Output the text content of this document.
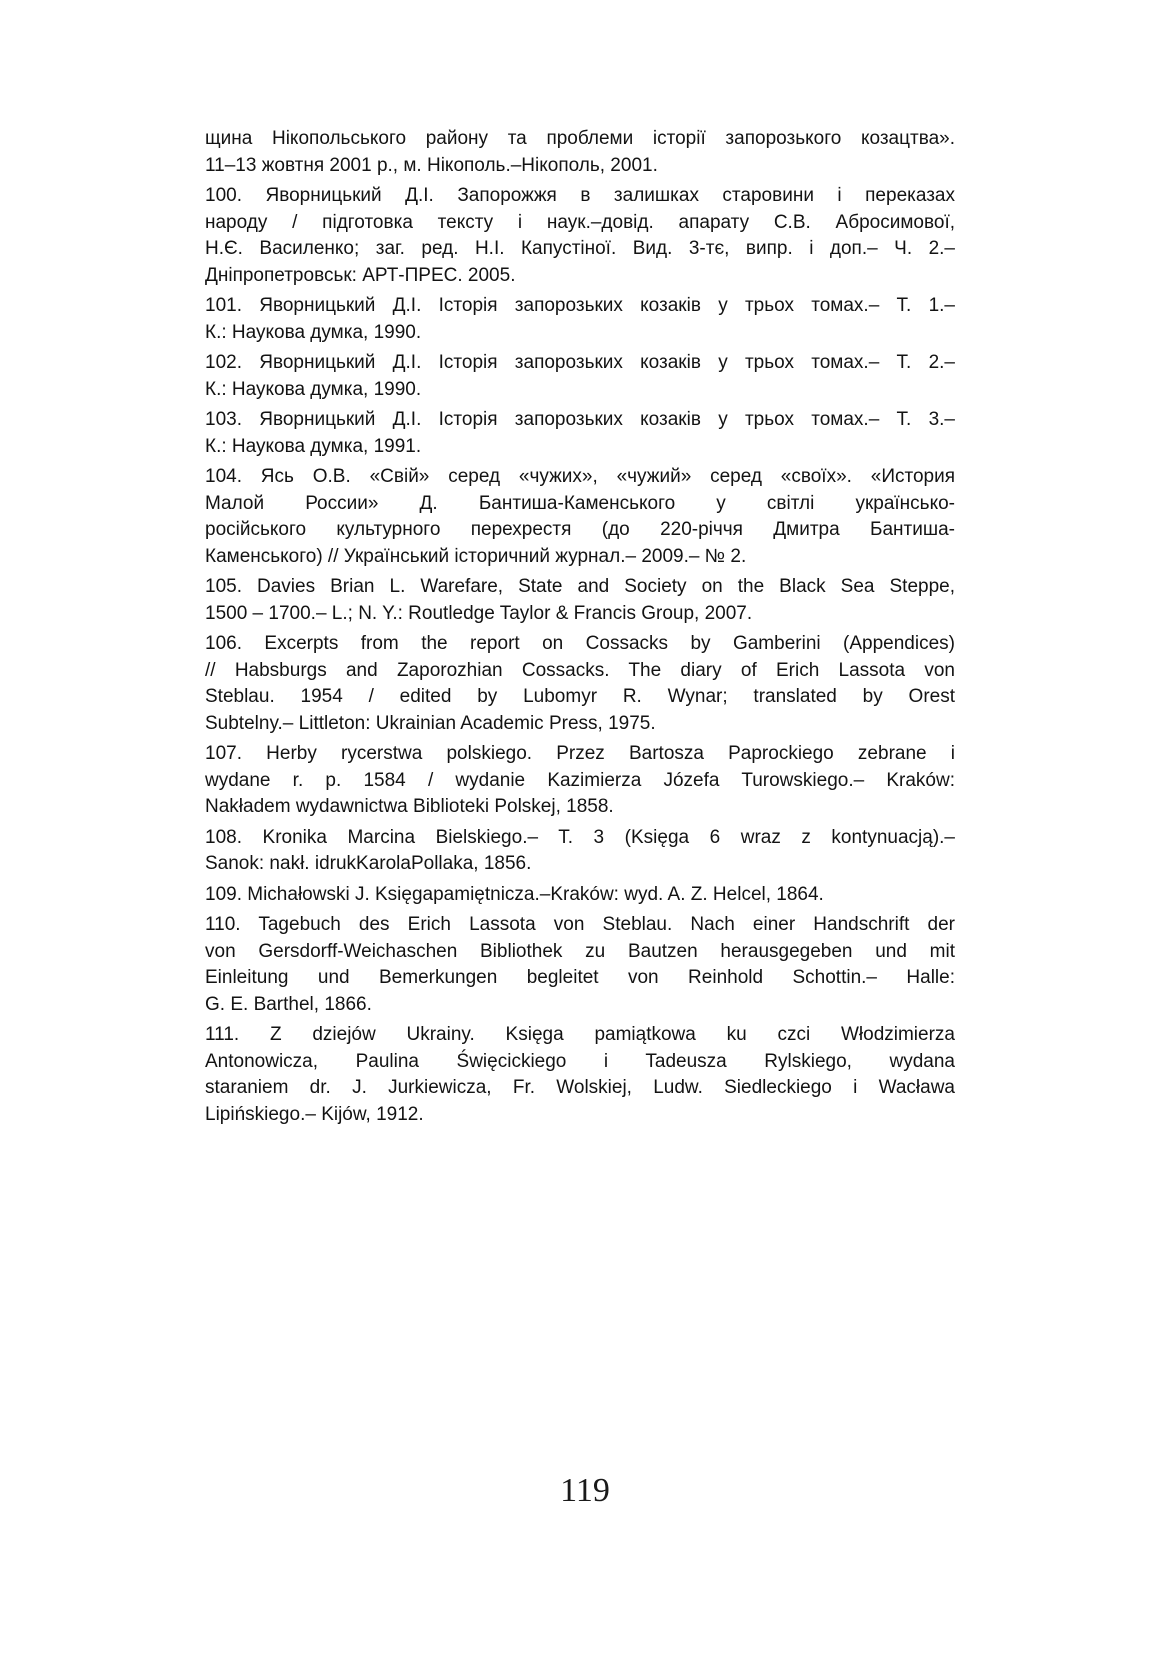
щина Нікопольського району та проблеми історії запорозького козацтва».
11–13 жовтня 2001 р., м. Нікополь.–Нікополь, 2001.
100. Яворницький Д.І. Запорожжя в залишках старовини і переказах
народу / підготовка тексту і наук.–довід. апарату С.В. Абросимової,
Н.Є. Василенко; заг. ред. Н.І. Капустіної. Вид. 3-тє, випр. і доп.– Ч. 2.–
Дніпропетровськ: АРТ-ПРЕС. 2005.
101. Яворницький Д.І. Історія запорозьких козаків у трьох томах.– Т. 1.–
К.: Наукова думка, 1990.
102. Яворницький Д.І. Історія запорозьких козаків у трьох томах.– Т. 2.–
К.: Наукова думка, 1990.
103. Яворницький Д.І. Історія запорозьких козаків у трьох томах.– Т. 3.–
К.: Наукова думка, 1991.
104. Ясь О.В. «Свій» серед «чужих», «чужий» серед «своїх». «История
Малой России» Д. Бантиша-Каменського у світлі українсько-
російського культурного перехрестя (до 220-річчя Дмитра Бантиша-
Каменського) // Український історичний журнал.– 2009.– № 2.
105. Davies Brian L. Warefare, State and Society on the Black Sea Steppe,
1500 – 1700.– L.; N. Y.: Routledge Taylor & Francis Group, 2007.
106. Excerpts from the report on Cossacks by Gamberini (Appendices)
// Habsburgs and Zaporozhian Cossacks. The diary of Erich Lassota von
Steblau. 1954 / edited by Lubomyr R. Wynar; translated by Orest
Subtelny.– Littleton: Ukrainian Academic Press, 1975.
107. Herby rycerstwa polskiego. Przez Bartosza Paprockiego zebrane i
wydane r. p. 1584 / wydanie Kazimierza Józefa Turowskiego.– Kraków:
Nakładem wydawnictwa Biblioteki Polskej, 1858.
108. Kronika Marcina Bielskiego.– T. 3 (Księga 6 wraz z kontynuacją).–
Sanok: nakł. idrukKarolaPollaka, 1856.
109. Michałowski J. Księgapamiętnicza.–Kraków: wyd. A. Z. Helcel, 1864.
110. Tagebuch des Erich Lassota von Steblau. Nach einer Handschrift der
von Gersdorff-Weichaschen Bibliothek zu Bautzen herausgegeben und mit
Einleitung und Bemerkungen begleitet von Reinhold Schottin.– Halle:
G. E. Barthel, 1866.
111. Z dziejów Ukrainy. Księga pamiątkowa ku czci Włodzimierza
Antonowicza, Paulina Święcickiego i Tadeusza Rylskiego, wydana
staraniem dr. J. Jurkiewicza, Fr. Wolskiej, Ludw. Siedleckiego i Wacława
Lipińskiego.– Kijów, 1912.
119
